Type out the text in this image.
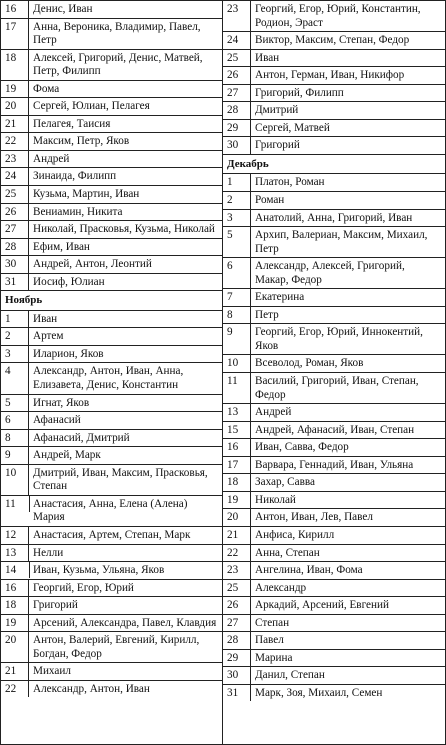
16	Денис, Иван
17	Анна, Вероника, Владимир, Павел, Петр
18	Алексей, Григорий, Денис, Матвей, Петр, Филипп
19	Фома
20	Сергей, Юлиан, Пелагея
21	Пелагея, Таисия
22	Максим, Петр, Яков
23	Андрей
24	Зинаида, Филипп
25	Кузьма, Мартин, Иван
26	Вениамин, Никита
27	Николай, Прасковья, Кузьма, Николай
28	Ефим, Иван
30	Андрей, Антон, Леонтий
31	Иосиф, Юлиан
Ноябрь
1	Иван
2	Артем
3	Иларион, Яков
4	Александр, Антон, Иван, Анна, Елизавета, Денис, Константин
5	Игнат, Яков
6	Афанасий
8	Афанасий, Дмитрий
9	Андрей, Марк
10	Дмитрий, Иван, Максим, Прасковья, Степан
11	Анастасия, Анна, Елена (Алена) Мария
12	Анастасия, Артем, Степан, Марк
13	Нелли
14	Иван, Кузьма, Ульяна, Яков
16	Георгий, Егор, Юрий
18	Григорий
19	Арсений, Александра, Павел, Клавдия
20	Антон, Валерий, Евгений, Кирилл, Богдан, Федор
21	Михаил
22	Александр, Антон, Иван
23	Георгий, Егор, Юрий, Константин, Родион, Эраст
24	Виктор, Максим, Степан, Федор
25	Иван
26	Антон, Герман, Иван, Никифор
27	Григорий, Филипп
28	Дмитрий
29	Сергей, Матвей
30	Григорий
Декабрь
1	Платон, Роман
2	Роман
3	Анатолий, Анна, Григорий, Иван
5	Архип, Валериан, Максим, Михаил, Петр
6	Александр, Алексей, Григорий, Макар, Федор
7	Екатерина
8	Петр
9	Георгий, Егор, Юрий, Иннокентий, Яков
10	Всеволод, Роман, Яков
11	Василий, Григорий, Иван, Степан, Федор
13	Андрей
15	Андрей, Афанасий, Иван, Степан
16	Иван, Савва, Федор
17	Варвара, Геннадий, Иван, Ульяна
18	Захар, Савва
19	Николай
20	Антон, Иван, Лев, Павел
21	Анфиса, Кирилл
22	Анна, Степан
23	Ангелина, Иван, Фома
25	Александр
26	Аркадий, Арсений, Евгений
27	Степан
28	Павел
29	Марина
30	Данил, Степан
31	Марк, Зоя, Михаил, Семен
